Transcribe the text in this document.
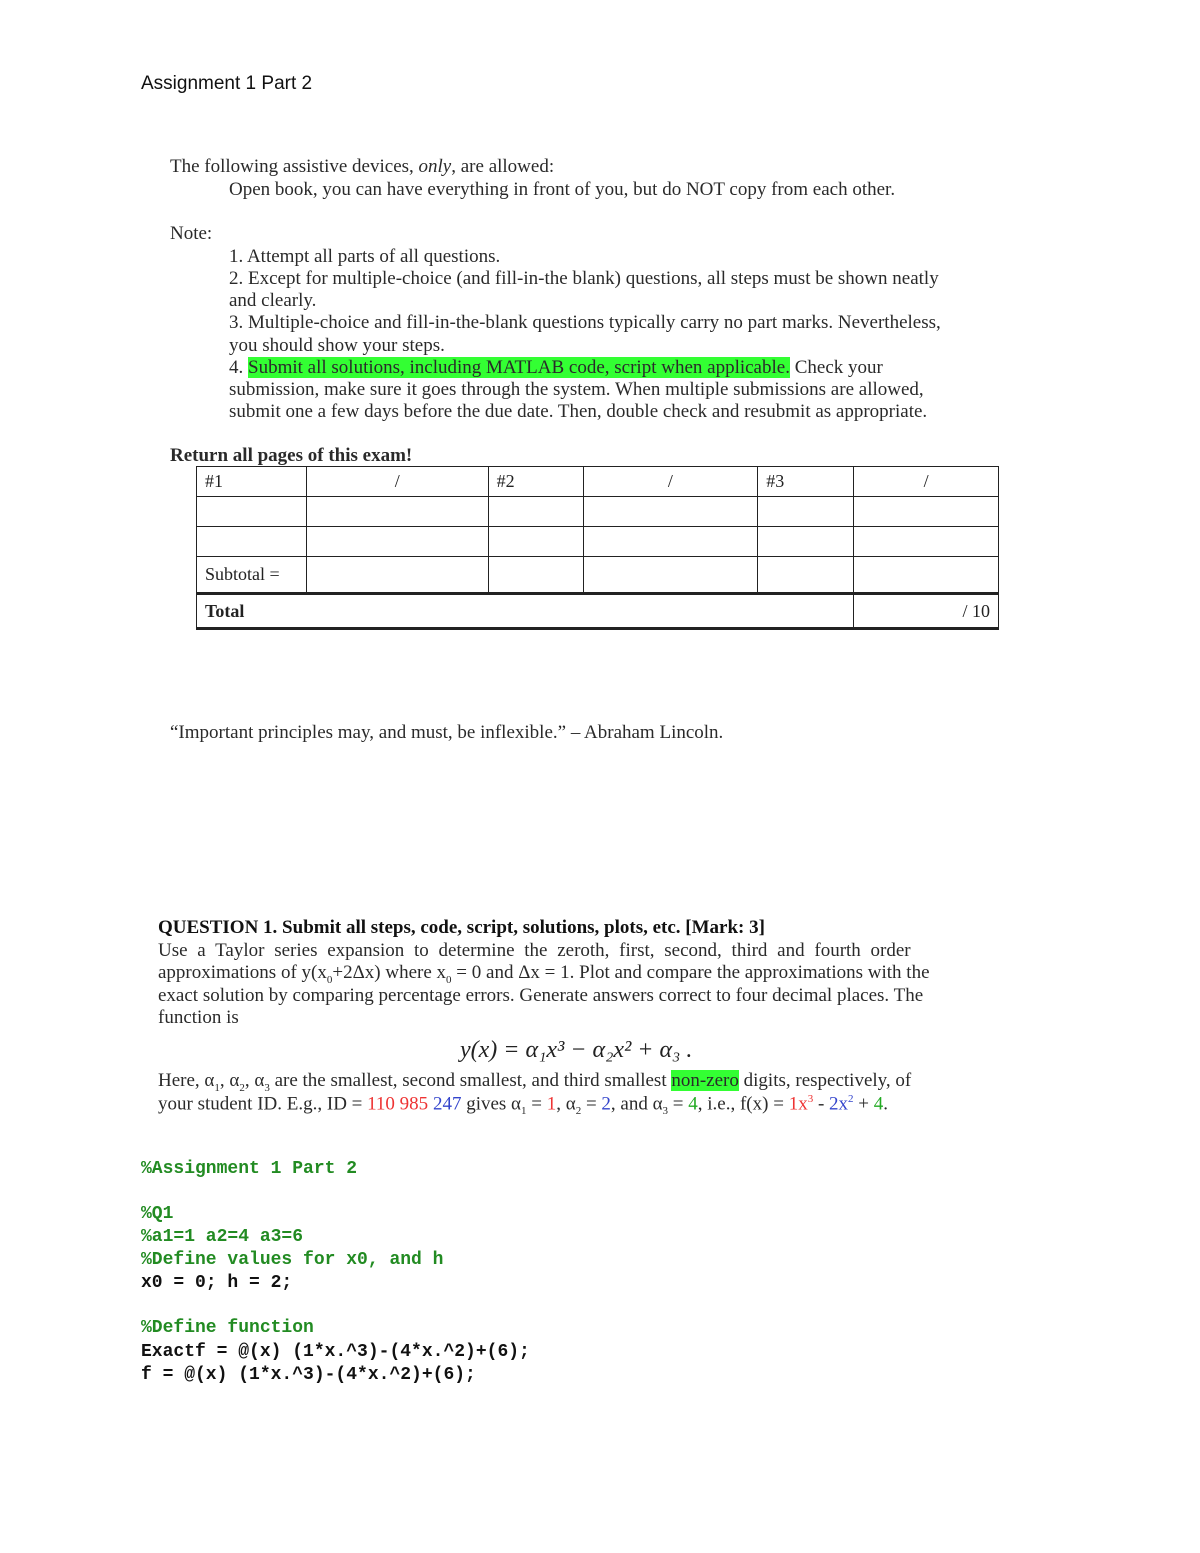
Assignment 1 Part 2
The following assistive devices, only, are allowed:
Open book, you can have everything in front of you, but do NOT copy from each other.
Note:
1. Attempt all parts of all questions.
2. Except for multiple-choice (and fill-in-the blank) questions, all steps must be shown neatly
and clearly.
3. Multiple-choice and fill-in-the-blank questions typically carry no part marks. Nevertheless,
you should show your steps.
4. Submit all solutions, including MATLAB code, script when applicable. Check your
submission, make sure it goes through the system. When multiple submissions are allowed,
submit one a few days before the due date. Then, double check and resubmit as appropriate.
Return all pages of this exam!
#1	/	#2	/	#3	/

Subtotal =					
Total					/ 10
“Important principles may, and must, be inflexible.” – Abraham Lincoln.
QUESTION 1. Submit all steps, code, script, solutions, plots, etc. [Mark: 3]
Use a Taylor series expansion to determine the zeroth, first, second, third and fourth order
approximations of $y(x_0+2\Delta x)$ where $x_0 = 0$ and Δx = 1. Plot and compare the approximations with the
exact solution by comparing percentage errors. Generate answers correct to four decimal places. The
function is
y(x) = α₁x³ − α₂x² + α₃ .
Here, $\alpha_1$, $\alpha_2$, $\alpha_3$ are the smallest, second smallest, and third smallest non-zero digits, respectively, of
your student ID. E.g., ID = 110 985 247 gives $\alpha_1 = 1$, $\alpha_2 = 2$, and $\alpha_3 = 4$, i.e., $f(x) = 1x^3 - 2x^2 + 4$.
%Assignment 1 Part 2
%Q1
%a1=1 a2=4 a3=6
%Define values for x0, and h
x0 = 0; h = 2;
%Define function
Exactf = @(x) (1*x.^3)-(4*x.^2)+(6);
f = @(x) (1*x.^3)-(4*x.^2)+(6);
